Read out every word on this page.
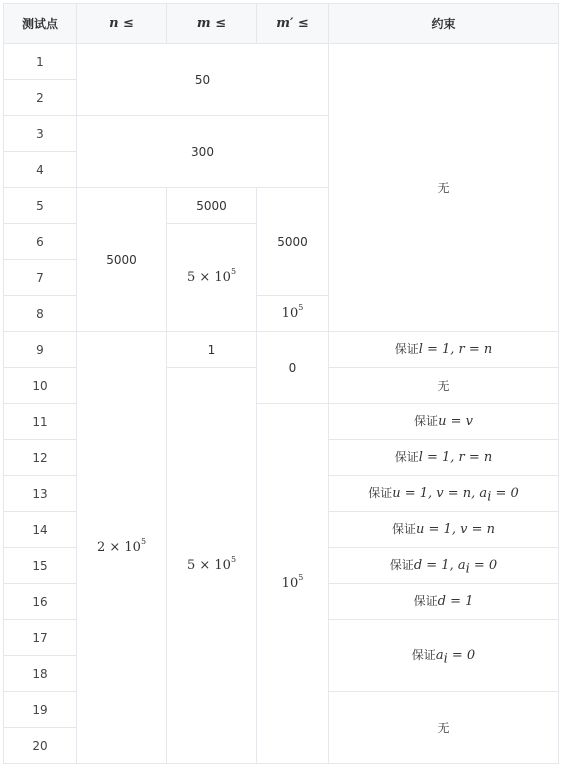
测试点	n ≤	m ≤	m′ ≤	约束
1	50			无
2				
3	300			
4				
5	5000	5000	5000	
6		$5 \times 10^5$
7				
8			$10^5$
9	$2 \times 10^5$	1	0	保证l = 1, r = n
10		$5 \times 10^5$		无
11			$10^5$	保证u = v
12				保证l = 1, r = n
13				保证u = 1, v = n, $a_i = 0$
14				保证u = 1, v = n
15				保证d = 1, $a_i = 0$
16				保证d = 1
17				保证$a_i = 0$
18				
19				无
20				
